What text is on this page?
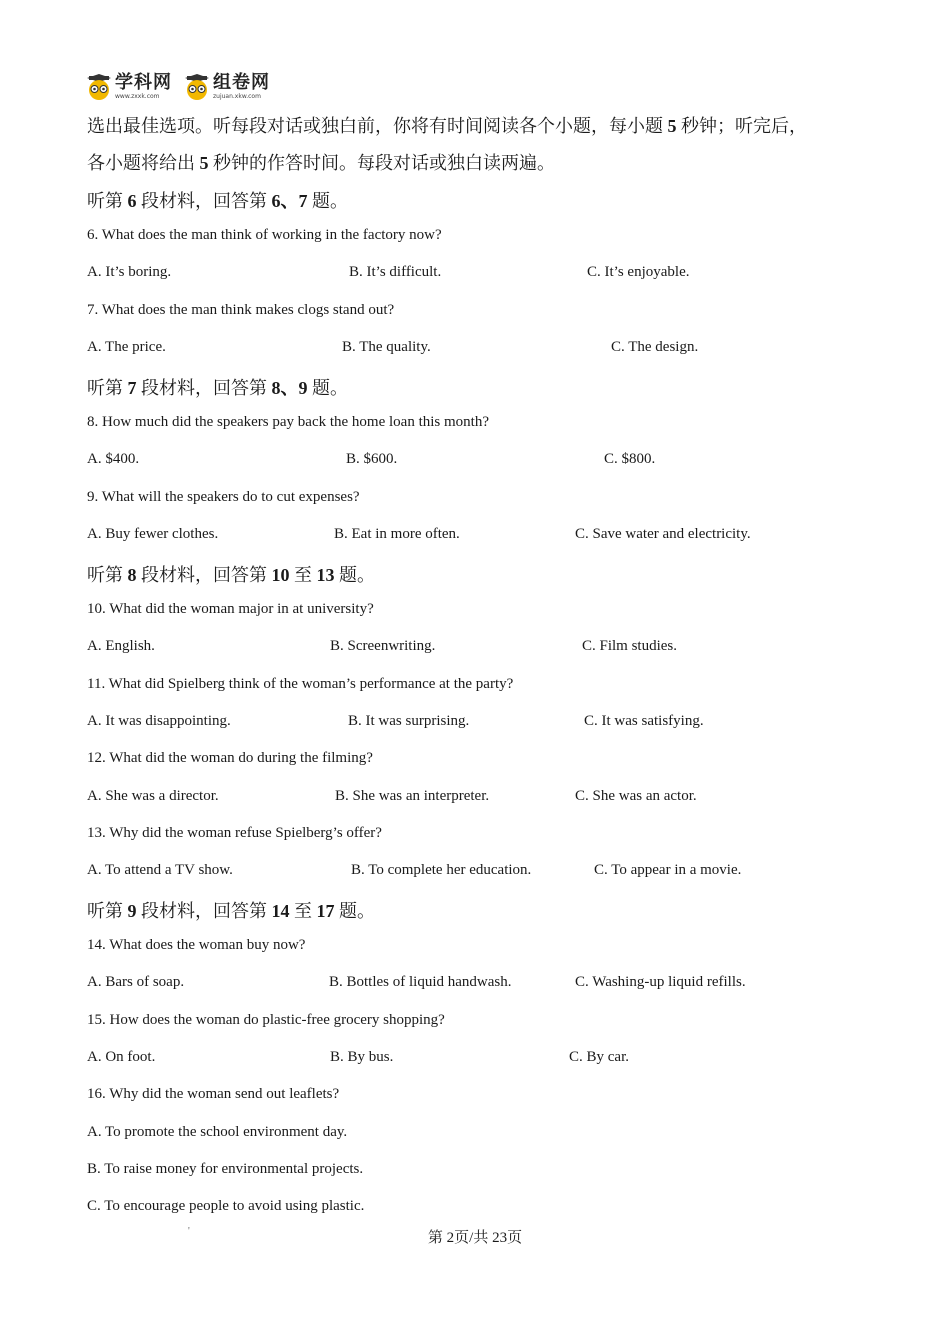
学科网
www.zxxk.com
组卷网
zujuan.xkw.com
选出最佳选项。听每段对话或独白前，你将有时间阅读各个小题，每小题 5 秒钟；听完后，
各小题将给出 5 秒钟的作答时间。每段对话或独白读两遍。
听第 6 段材料，回答第 6、7 题。
6. What does the man think of working in the factory now?
A. It’s boring.	B. It’s difficult.	C. It’s enjoyable.
7. What does the man think makes clogs stand out?
A. The price.	B. The quality.	C. The design.
听第 7 段材料，回答第 8、9 题。
8. How much did the speakers pay back the home loan this month?
A. $400.	B. $600.	C. $800.
9. What will the speakers do to cut expenses?
A. Buy fewer clothes.	B. Eat in more often.	C. Save water and electricity.
听第 8 段材料，回答第 10 至 13 题。
10. What did the woman major in at university?
A. English.	B. Screenwriting.	C. Film studies.
11. What did Spielberg think of the woman’s performance at the party?
A. It was disappointing.	B. It was surprising.	C. It was satisfying.
12. What did the woman do during the filming?
A. She was a director.	B. She was an interpreter.	C. She was an actor.
13. Why did the woman refuse Spielberg’s offer?
A. To attend a TV show.	B. To complete her education.	C. To appear in a movie.
听第 9 段材料，回答第 14 至 17 题。
14. What does the woman buy now?
A. Bars of soap.	B. Bottles of liquid handwash.	C. Washing-up liquid refills.
15. How does the woman do plastic-free grocery shopping?
A. On foot.	B. By bus.	C. By car.
16. Why did the woman send out leaflets?
A. To promote the school environment day.
B. To raise money for environmental projects.
C. To encourage people to avoid using plastic.
'	第 2页/共 23页
